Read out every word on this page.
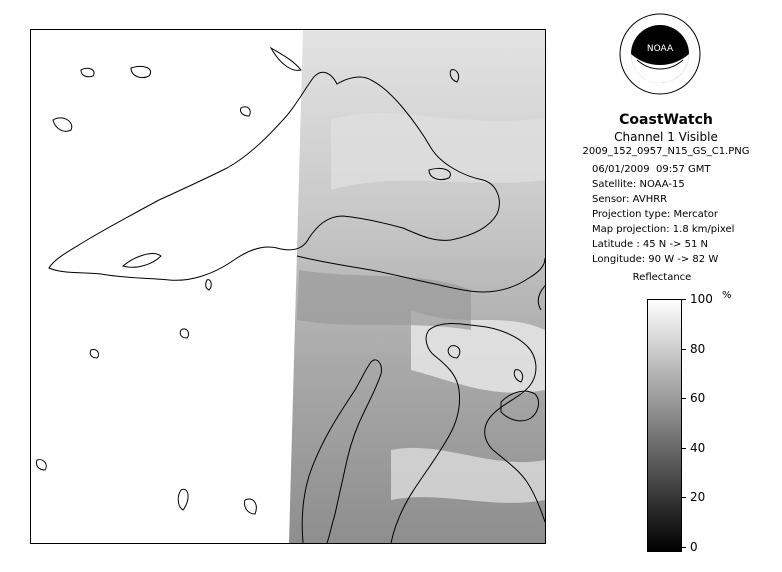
NOAA
CoastWatch
Channel 1 Visible
2009_152_0957_N15_GS_C1.PNG
06/01/2009 09:57 GMT
Satellite: NOAA-15
Sensor: AVHRR
Projection type: Mercator
Map projection: 1.8 km/pixel
Latitude : 45 N -> 51 N
Longitude: 90 W -> 82 W
Reflectance
%
100
80
60
40
20
0
